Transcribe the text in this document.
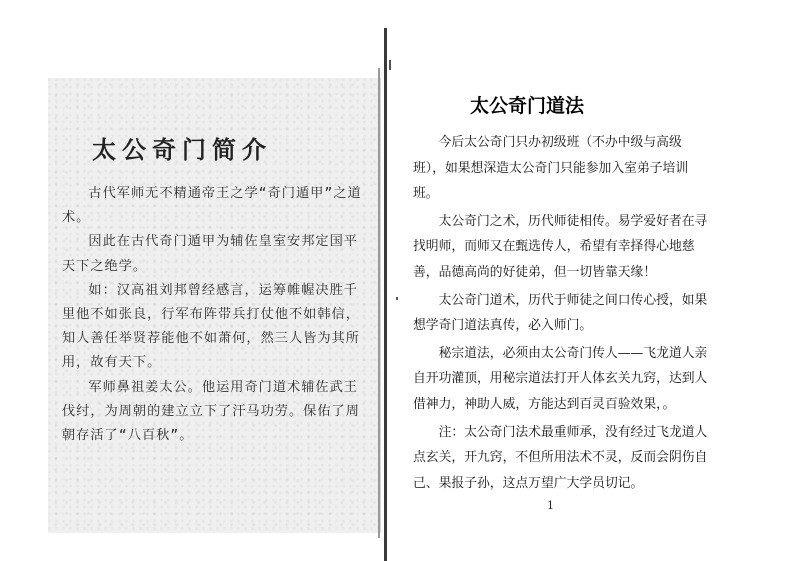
太公奇门简介

古代军师无不精通帝王之学“奇门遁甲”之道术。

因此在古代奇门遁甲为辅佐皇室安邦定国平天下之绝学。

如：汉高祖刘邦曾经感言，运筹帷幄决胜千里他不如张良，行军布阵带兵打仗他不如韩信，知人善任举贤荐能他不如萧何，然三人皆为其所用，故有天下。

军师鼻祖姜太公。他运用奇门道术辅佐武王伐纣，为周朝的建立立下了汗马功劳。保佑了周朝存活了“八百秋”。

太公奇门道法

今后太公奇门只办初级班（不办中级与高级班），如果想深造太公奇门只能参加入室弟子培训班。

太公奇门之术，历代师徒相传。易学爱好者在寻找明师，而师又在甄选传人，希望有幸择得心地慈善，品德高尚的好徒弟，但一切皆靠天缘！

太公奇门道术，历代于师徒之间口传心授，如果想学奇门道法真传，必入师门。

秘宗道法，必须由太公奇门传人——飞龙道人亲自开功灌顶，用秘宗道法打开人体玄关九窍，达到人借神力，神助人威，方能达到百灵百验效果，。

注：太公奇门法术最重师承，没有经过飞龙道人点玄关，开九窍，不但所用法术不灵，反而会阴伤自己、果报子孙，这点万望广大学员切记。

1
